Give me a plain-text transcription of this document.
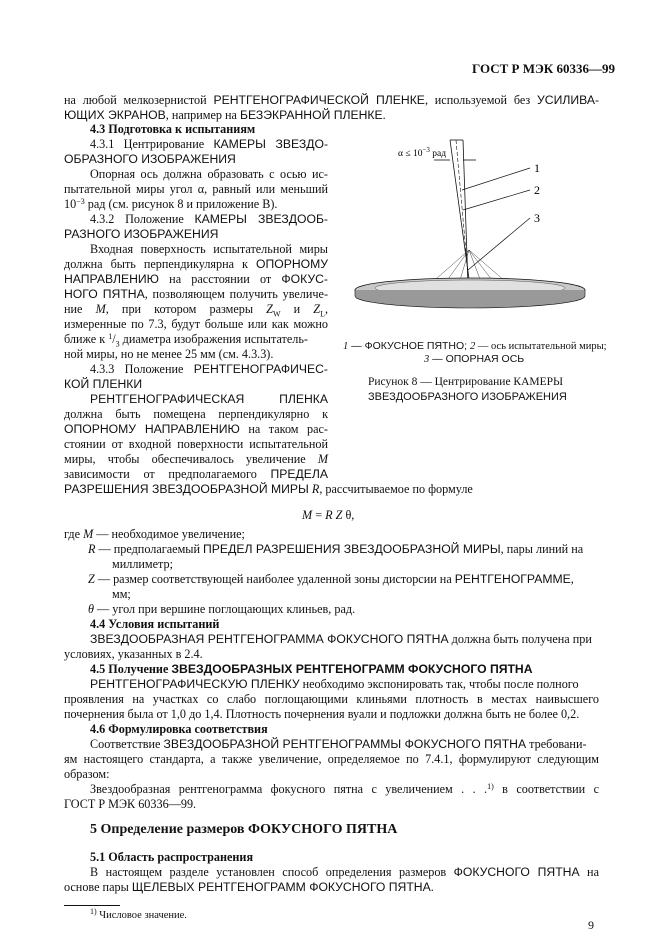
ГОСТ Р МЭК 60336—99
на любой мелкозернистой РЕНТГЕНОГРАФИЧЕСКОЙ ПЛЕНКЕ, используемой без УСИЛИВА-
ЮЩИХ ЭКРАНОВ, например на БЕЗЭКРАННОЙ ПЛЕНКЕ.
4.3 Подготовка к испытаниям
4.3.1 Центрирование КАМЕРЫ ЗВЕЗДО-
ОБРАЗНОГО ИЗОБРАЖЕНИЯ
Опорная ось должна образовать с осью ис-
пытательной миры угол α, равный или меньший
$10^{-3}$ рад (см. рисунок 8 и приложение В).
4.3.2 Положение КАМЕРЫ ЗВЕЗДООБ-
РАЗНОГО ИЗОБРАЖЕНИЯ
Входная поверхность испытательной миры
должна быть перпендикулярна к ОПОРНОМУ
НАПРАВЛЕНИЮ на расстоянии от ФОКУС-
НОГО ПЯТНА, позволяющем получить увеличе-
ние M, при котором размеры $Z_W$ и $Z_L$,
измеренные по 7.3, будут больше или как можно
ближе к $^1/_3$ диаметра изображения испытатель-
ной миры, но не менее 25 мм (см. 4.3.3).
4.3.3 Положение РЕНТГЕНОГРАФИЧЕС-
КОЙ ПЛЕНКИ
РЕНТГЕНОГРАФИЧЕСКАЯ ПЛЕНКА
должна быть помещена перпендикулярно к
ОПОРНОМУ НАПРАВЛЕНИЮ на таком рас-
стоянии от входной поверхности испытательной
миры, чтобы обеспечивалось увеличение M
зависимости от предполагаемого ПРЕДЕЛА
РАЗРЕШЕНИЯ ЗВЕЗДООБРАЗНОЙ МИРЫ R, рассчитываемое по формуле
$\alpha \le 10^{-3}$ рад
1
2
3
1 — ФОКУСНОЕ ПЯТНО; 2 — ось испытательной миры;
3 — ОПОРНАЯ ОСЬ
Рисунок 8 — Центрирование КАМЕРЫ
ЗВЕЗДООБРАЗНОГО ИЗОБРАЖЕНИЯ
M = R Z θ,
где M — необходимое увеличение;
R — предполагаемый ПРЕДЕЛ РАЗРЕШЕНИЯ ЗВЕЗДООБРАЗНОЙ МИРЫ, пары линий на
миллиметр;
Z — размер соответствующей наиболее удаленной зоны дисторсии на РЕНТГЕНОГРАММЕ,
мм;
θ — угол при вершине поглощающих клиньев, рад.
4.4 Условия испытаний
ЗВЕЗДООБРАЗНАЯ РЕНТГЕНОГРАММА ФОКУСНОГО ПЯТНА должна быть получена при
условиях, указанных в 2.4.
4.5 Получение ЗВЕЗДООБРАЗНЫХ РЕНТГЕНОГРАММ ФОКУСНОГО ПЯТНА
РЕНТГЕНОГРАФИЧЕСКУЮ ПЛЕНКУ необходимо экспонировать так, чтобы после полного
проявления на участках со слабо поглощающими клиньями плотность в местах наивысшего
почернения была от 1,0 до 1,4. Плотность почернения вуали и подложки должна быть не более 0,2.
4.6 Формулировка соответствия
Соответствие ЗВЕЗДООБРАЗНОЙ РЕНТГЕНОГРАММЫ ФОКУСНОГО ПЯТНА требовани-
ям настоящего стандарта, а также увеличение, определяемое по 7.4.1, формулируют следующим
образом:
Звездообразная рентгенограмма фокусного пятна с увеличением . . .$^{1)}$ в соответствии с
ГОСТ Р МЭК 60336—99.
5 Определение размеров ФОКУСНОГО ПЯТНА
5.1 Область распространения
В настоящем разделе установлен способ определения размеров ФОКУСНОГО ПЯТНА на
основе пары ЩЕЛЕВЫХ РЕНТГЕНОГРАММ ФОКУСНОГО ПЯТНА.
$^{1)}$ Числовое значение.
9
